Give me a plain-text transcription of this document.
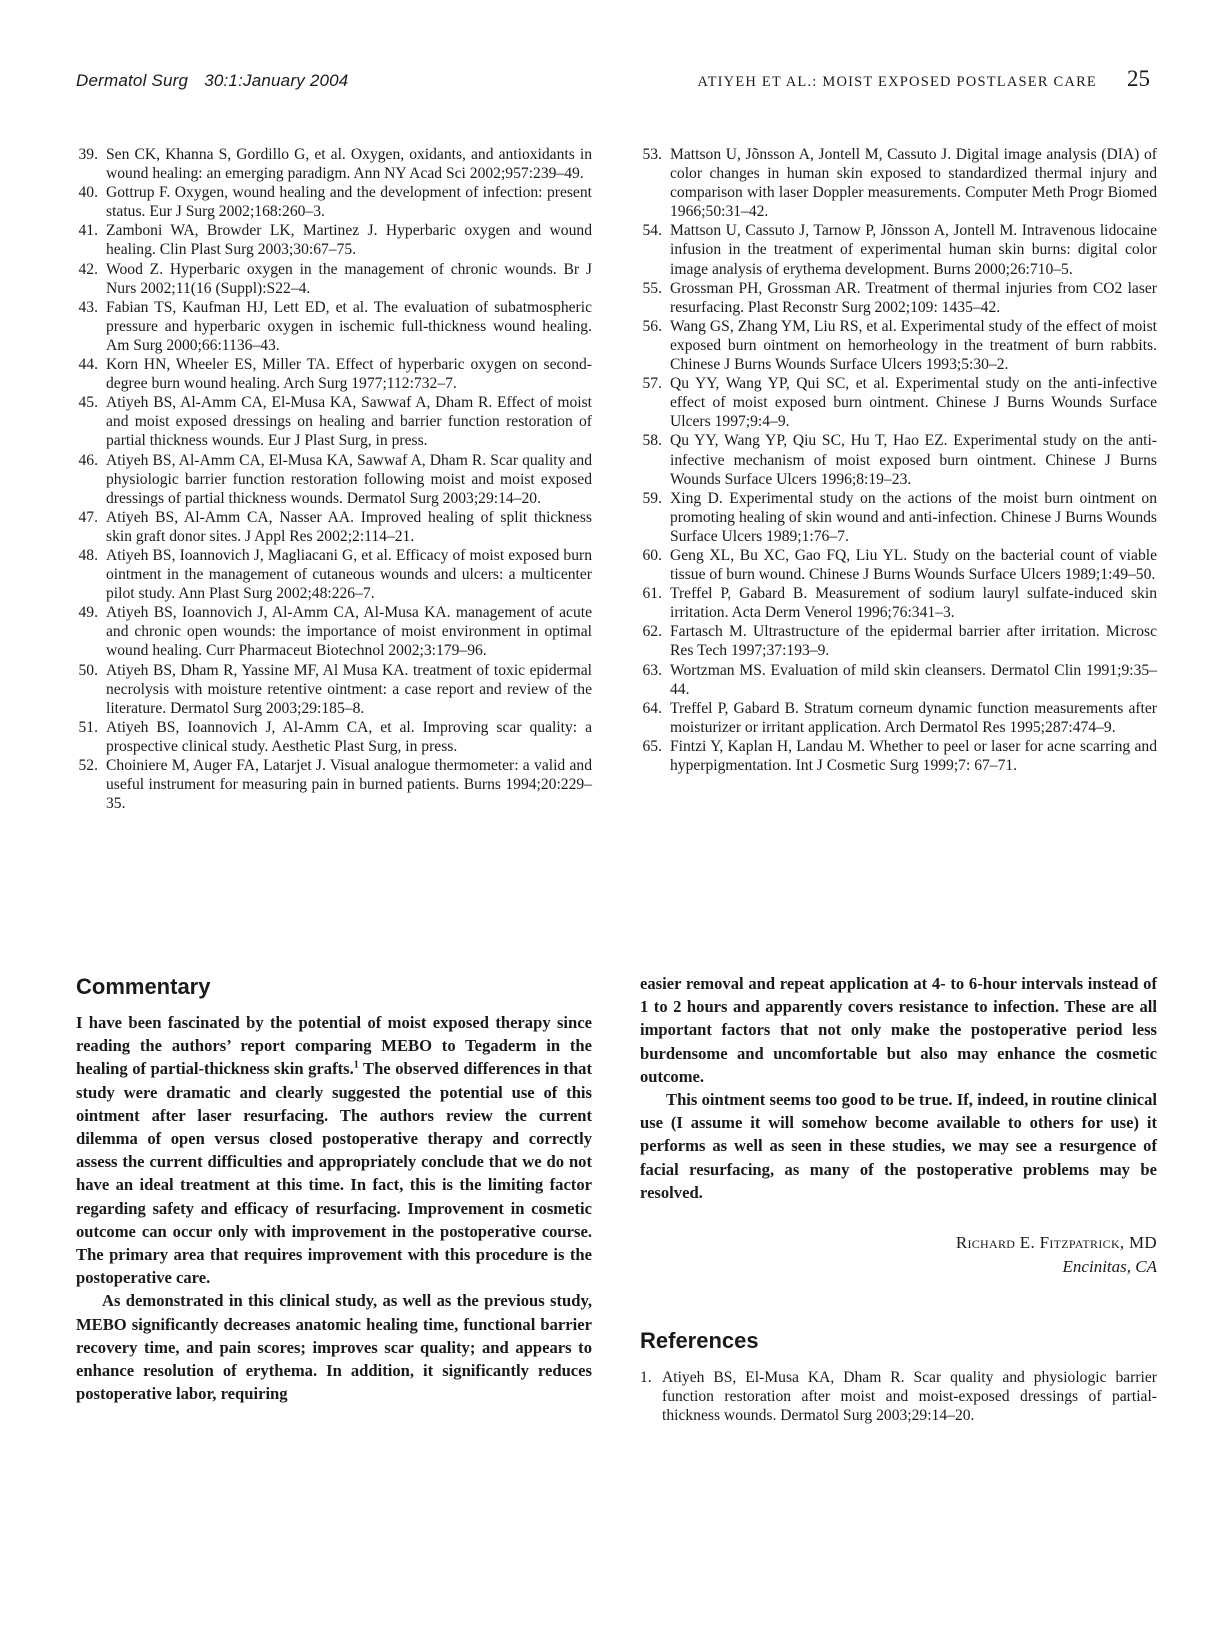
Dermatol Surg 30:1:January 2004	ATIYEH ET AL.: MOIST EXPOSED POSTLASER CARE 25
39. Sen CK, Khanna S, Gordillo G, et al. Oxygen, oxidants, and antioxidants in wound healing: an emerging paradigm. Ann NY Acad Sci 2002;957:239–49.
40. Gottrup F. Oxygen, wound healing and the development of infection: present status. Eur J Surg 2002;168:260–3.
41. Zamboni WA, Browder LK, Martinez J. Hyperbaric oxygen and wound healing. Clin Plast Surg 2003;30:67–75.
42. Wood Z. Hyperbaric oxygen in the management of chronic wounds. Br J Nurs 2002;11(16 (Suppl):S22–4.
43. Fabian TS, Kaufman HJ, Lett ED, et al. The evaluation of subatmospheric pressure and hyperbaric oxygen in ischemic full-thickness wound healing. Am Surg 2000;66:1136–43.
44. Korn HN, Wheeler ES, Miller TA. Effect of hyperbaric oxygen on second-degree burn wound healing. Arch Surg 1977;112:732–7.
45. Atiyeh BS, Al-Amm CA, El-Musa KA, Sawwaf A, Dham R. Effect of moist and moist exposed dressings on healing and barrier function restoration of partial thickness wounds. Eur J Plast Surg, in press.
46. Atiyeh BS, Al-Amm CA, El-Musa KA, Sawwaf A, Dham R. Scar quality and physiologic barrier function restoration following moist and moist exposed dressings of partial thickness wounds. Dermatol Surg 2003;29:14–20.
47. Atiyeh BS, Al-Amm CA, Nasser AA. Improved healing of split thickness skin graft donor sites. J Appl Res 2002;2:114–21.
48. Atiyeh BS, Ioannovich J, Magliacani G, et al. Efficacy of moist exposed burn ointment in the management of cutaneous wounds and ulcers: a multicenter pilot study. Ann Plast Surg 2002;48:226–7.
49. Atiyeh BS, Ioannovich J, Al-Amm CA, Al-Musa KA. management of acute and chronic open wounds: the importance of moist environment in optimal wound healing. Curr Pharmaceut Biotechnol 2002;3:179–96.
50. Atiyeh BS, Dham R, Yassine MF, Al Musa KA. treatment of toxic epidermal necrolysis with moisture retentive ointment: a case report and review of the literature. Dermatol Surg 2003;29:185–8.
51. Atiyeh BS, Ioannovich J, Al-Amm CA, et al. Improving scar quality: a prospective clinical study. Aesthetic Plast Surg, in press.
52. Choiniere M, Auger FA, Latarjet J. Visual analogue thermometer: a valid and useful instrument for measuring pain in burned patients. Burns 1994;20:229–35.
53. Mattson U, Jõnsson A, Jontell M, Cassuto J. Digital image analysis (DIA) of color changes in human skin exposed to standardized thermal injury and comparison with laser Doppler measurements. Computer Meth Progr Biomed 1966;50:31–42.
54. Mattson U, Cassuto J, Tarnow P, Jõnsson A, Jontell M. Intravenous lidocaine infusion in the treatment of experimental human skin burns: digital color image analysis of erythema development. Burns 2000;26:710–5.
55. Grossman PH, Grossman AR. Treatment of thermal injuries from CO2 laser resurfacing. Plast Reconstr Surg 2002;109: 1435–42.
56. Wang GS, Zhang YM, Liu RS, et al. Experimental study of the effect of moist exposed burn ointment on hemorheology in the treatment of burn rabbits. Chinese J Burns Wounds Surface Ulcers 1993;5:30–2.
57. Qu YY, Wang YP, Qui SC, et al. Experimental study on the anti-infective effect of moist exposed burn ointment. Chinese J Burns Wounds Surface Ulcers 1997;9:4–9.
58. Qu YY, Wang YP, Qiu SC, Hu T, Hao EZ. Experimental study on the anti-infective mechanism of moist exposed burn ointment. Chinese J Burns Wounds Surface Ulcers 1996;8:19–23.
59. Xing D. Experimental study on the actions of the moist burn ointment on promoting healing of skin wound and anti-infection. Chinese J Burns Wounds Surface Ulcers 1989;1:76–7.
60. Geng XL, Bu XC, Gao FQ, Liu YL. Study on the bacterial count of viable tissue of burn wound. Chinese J Burns Wounds Surface Ulcers 1989;1:49–50.
61. Treffel P, Gabard B. Measurement of sodium lauryl sulfate-induced skin irritation. Acta Derm Venerol 1996;76:341–3.
62. Fartasch M. Ultrastructure of the epidermal barrier after irritation. Microsc Res Tech 1997;37:193–9.
63. Wortzman MS. Evaluation of mild skin cleansers. Dermatol Clin 1991;9:35–44.
64. Treffel P, Gabard B. Stratum corneum dynamic function measurements after moisturizer or irritant application. Arch Dermatol Res 1995;287:474–9.
65. Fintzi Y, Kaplan H, Landau M. Whether to peel or laser for acne scarring and hyperpigmentation. Int J Cosmetic Surg 1999;7: 67–71.
Commentary

I have been fascinated by the potential of moist exposed therapy since reading the authors’ report comparing MEBO to Tegaderm in the healing of partial-thickness skin grafts.$^1$ The observed differences in that study were dramatic and clearly suggested the potential use of this ointment after laser resurfacing. The authors review the current dilemma of open versus closed postoperative therapy and correctly assess the current difficulties and appropriately conclude that we do not have an ideal treatment at this time. In fact, this is the limiting factor regarding safety and efficacy of resurfacing. Improvement in cosmetic outcome can occur only with improvement in the postoperative course. The primary area that requires improvement with this procedure is the postoperative care.

As demonstrated in this clinical study, as well as the previous study, MEBO significantly decreases anatomic healing time, functional barrier recovery time, and pain scores; improves scar quality; and appears to enhance resolution of erythema. In addition, it significantly reduces postoperative labor, requiring

easier removal and repeat application at 4- to 6-hour intervals instead of 1 to 2 hours and apparently covers resistance to infection. These are all important factors that not only make the postoperative period less burdensome and uncomfortable but also may enhance the cosmetic outcome.

This ointment seems too good to be true. If, indeed, in routine clinical use (I assume it will somehow become available to others for use) it performs as well as seen in these studies, we may see a resurgence of facial resurfacing, as many of the postoperative problems may be resolved.

Richard E. Fitzpatrick, MD
Encinitas, CA
References
1. Atiyeh BS, El-Musa KA, Dham R. Scar quality and physiologic barrier function restoration after moist and moist-exposed dressings of partial-thickness wounds. Dermatol Surg 2003;29:14–20.
